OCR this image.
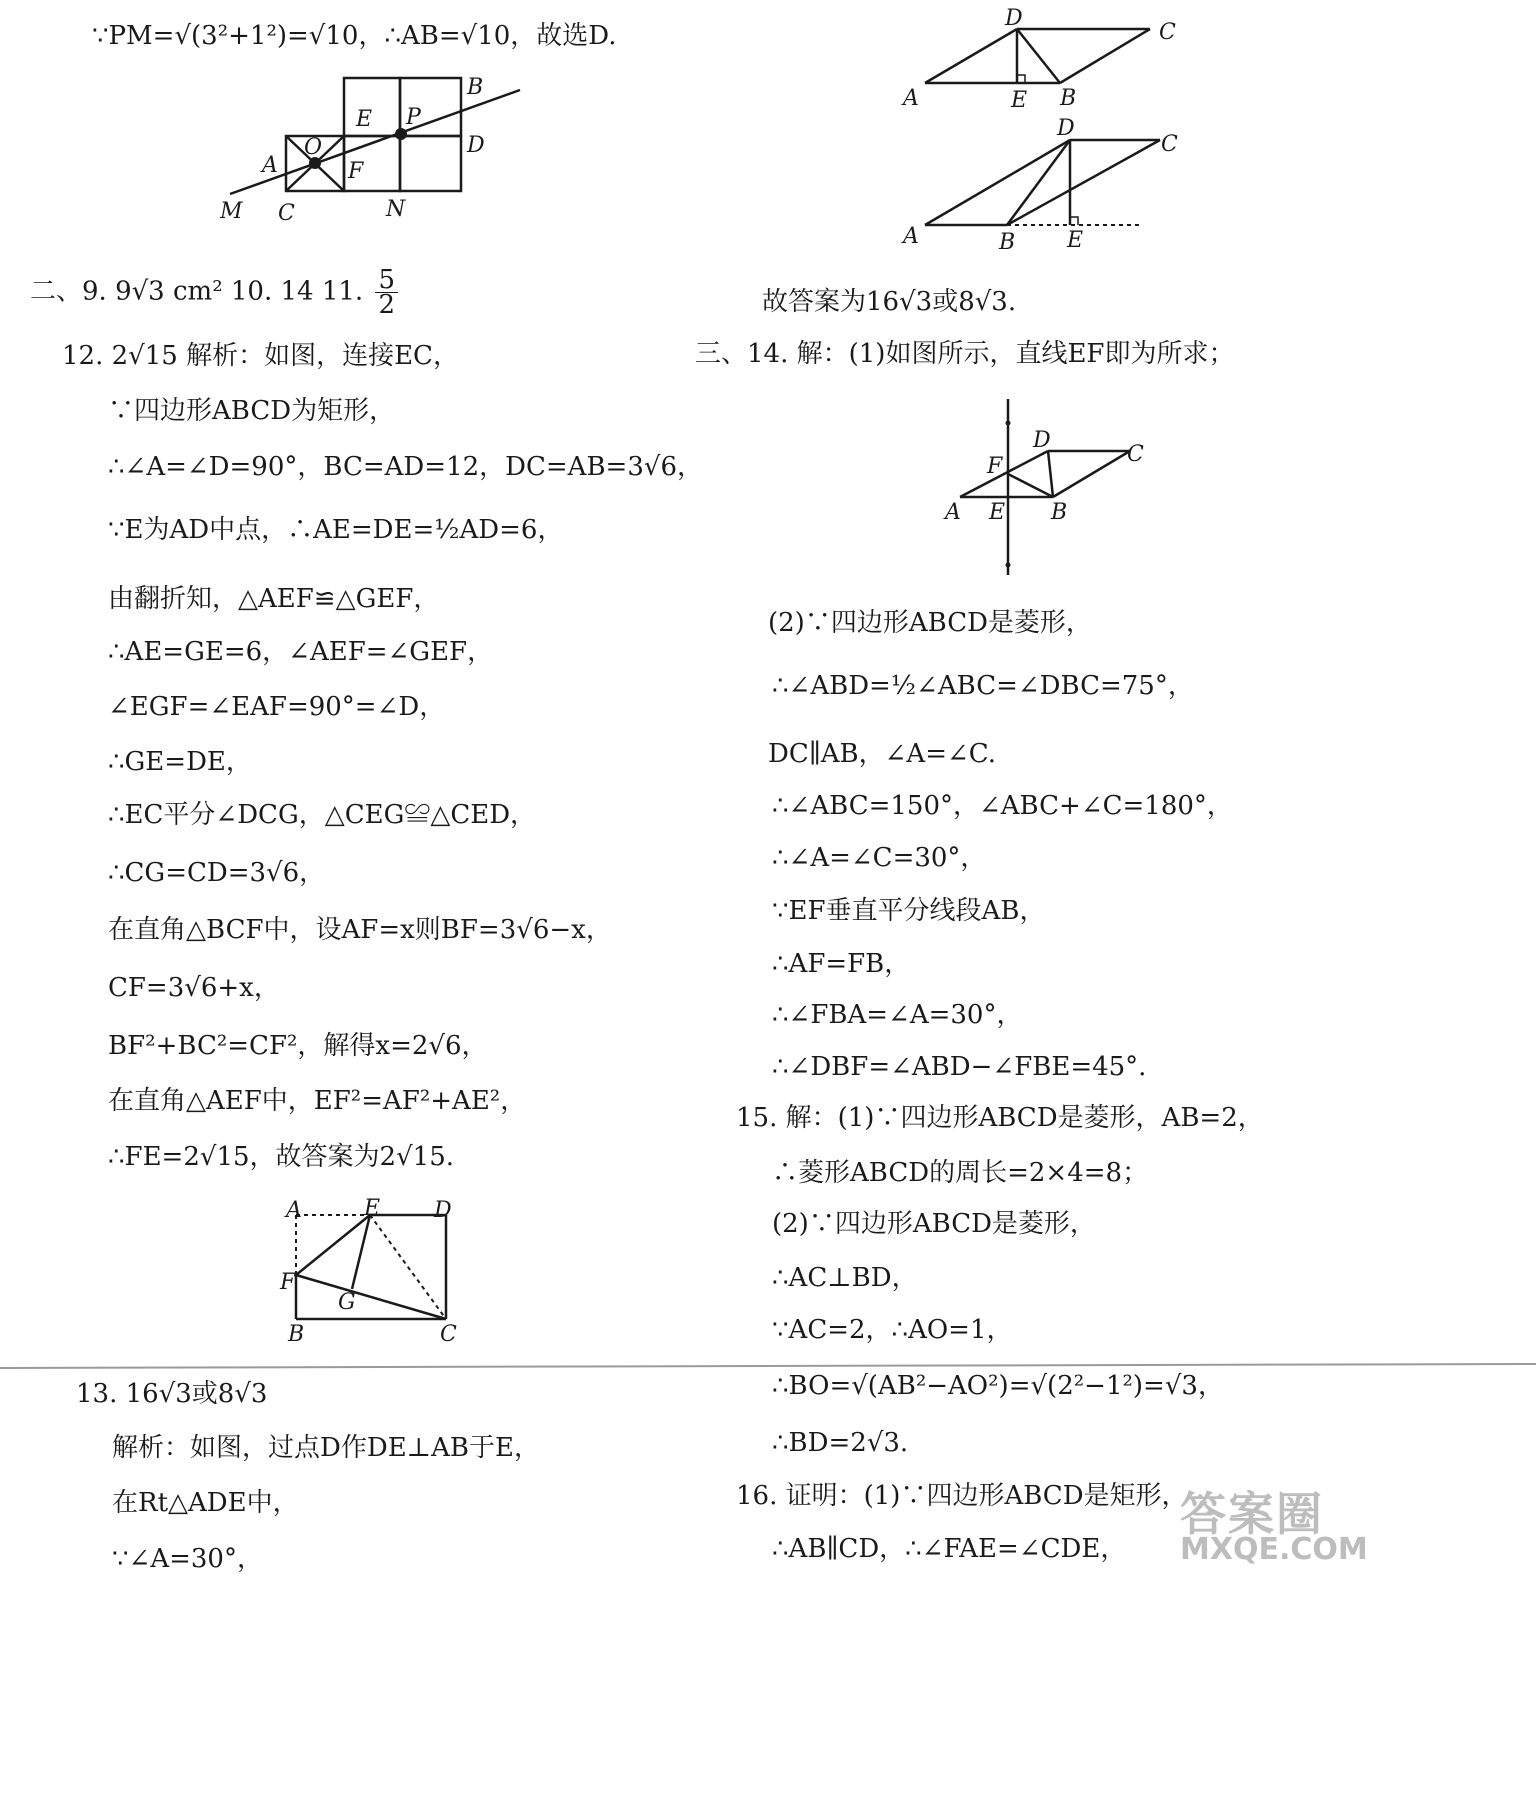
∵PM=√(3²+1²)=√10，∴AB=√10，故选D.
B
E P
D
A
O
F
M C	N
二、9. 9√3 cm² 10. 14 11. $\frac{5}{2}$
12. 2√15 解析：如图，连接EC，
∵四边形ABCD为矩形，
∴∠A=∠D=90°，BC=AD=12，DC=AB=3√6，
∵E为AD中点，∴AE=DE=½AD=6，
由翻折知，△AEF≌△GEF，
∴AE=GE=6，∠AEF=∠GEF，
∠EGF=∠EAF=90°=∠D，
∴GE=DE，
∴EC平分∠DCG，△CEG≌△CED，
∴CG=CD=3√6，
在直角△BCF中，设AF=x则BF=3√6−x，
CF=3√6+x，
BF²+BC²=CF²，解得x=2√6，
在直角△AEF中，EF²=AF²+AE²，
∴FE=2√15，故答案为2√15.
A	E D
F
G
B	C
13. 16√3或8√3
解析：如图，过点D作DE⊥AB于E，
在Rt△ADE中，
∵∠A=30°，
D
C
A	E B
D
C
A	B E
故答案为16√3或8√3.
三、14. 解：(1)如图所示，直线EF即为所求；
D
C
F
A E B
(2)∵四边形ABCD是菱形，
∴∠ABD=½∠ABC=∠DBC=75°，
DC∥AB，∠A=∠C.
∴∠ABC=150°，∠ABC+∠C=180°，
∴∠A=∠C=30°，
∵EF垂直平分线段AB，
∴AF=FB，
∴∠FBA=∠A=30°，
∴∠DBF=∠ABD−∠FBE=45°.
15. 解：(1)∵四边形ABCD是菱形，AB=2，
∴菱形ABCD的周长=2×4=8；
(2)∵四边形ABCD是菱形，
∴AC⊥BD，
∵AC=2，∴AO=1，
∴BO=√(AB²−AO²)=√(2²−1²)=√3，
∴BD=2√3.
16. 证明：(1)∵四边形ABCD是矩形，
∴AB∥CD，∴∠FAE=∠CDE，
答案圈
MXQE.COM
